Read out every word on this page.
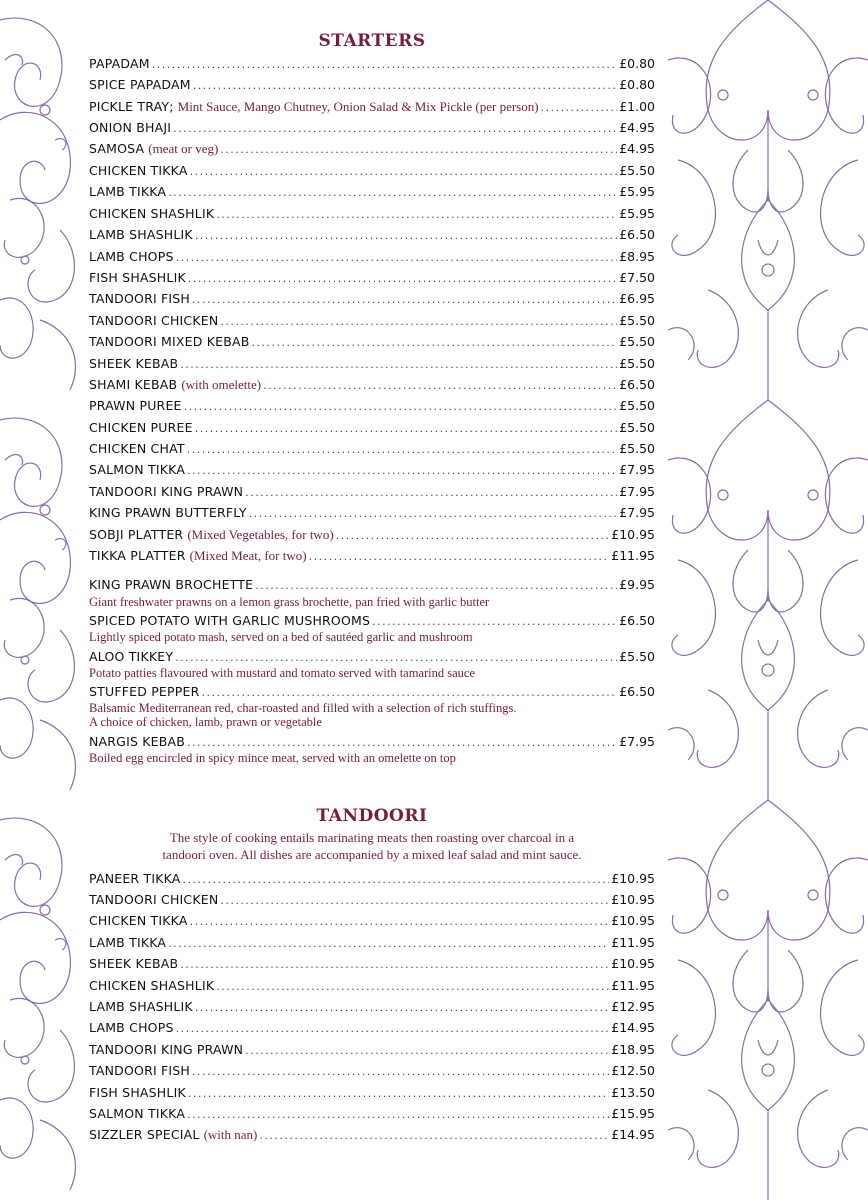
STARTERS
PAPADAM .....	£0.80
SPICE PAPADAM .....	£0.80
PICKLE TRAY; Mint Sauce, Mango Chutney, Onion Salad & Mix Pickle (per person) .....	£1.00
ONION BHAJI .....	£4.95
SAMOSA (meat or veg) .....	£4.95
CHICKEN TIKKA .....	£5.50
LAMB TIKKA .....	£5.95
CHICKEN SHASHLIK .....	£5.95
LAMB SHASHLIK .....	£6.50
LAMB CHOPS .....	£8.95
FISH SHASHLIK .....	£7.50
TANDOORI FISH .....	£6.95
TANDOORI CHICKEN .....	£5.50
TANDOORI MIXED KEBAB .....	£5.50
SHEEK KEBAB .....	£5.50
SHAMI KEBAB (with omelette) .....	£6.50
PRAWN PUREE .....	£5.50
CHICKEN PUREE .....	£5.50
CHICKEN CHAT .....	£5.50
SALMON TIKKA .....	£7.95
TANDOORI KING PRAWN .....	£7.95
KING PRAWN BUTTERFLY .....	£7.95
SOBJI PLATTER (Mixed Vegetables, for two) .....	£10.95
TIKKA PLATTER (Mixed Meat, for two) .....	£11.95
KING PRAWN BROCHETTE .....	£9.95
Giant freshwater prawns on a lemon grass brochette, pan fried with garlic butter
SPICED POTATO WITH GARLIC MUSHROOMS .....	£6.50
Lightly spiced potato mash, served on a bed of sautéed garlic and mushroom
ALOO TIKKEY .....	£5.50
Potato patties flavoured with mustard and tomato served with tamarind sauce
STUFFED PEPPER .....	£6.50
Balsamic Mediterranean red, char-roasted and filled with a selection of rich stuffings.
A choice of chicken, lamb, prawn or vegetable
NARGIS KEBAB .....	£7.95
Boiled egg encircled in spicy mince meat, served with an omelette on top
TANDOORI
The style of cooking entails marinating meats then roasting over charcoal in a
tandoori oven. All dishes are accompanied by a mixed leaf salad and mint sauce.
PANEER TIKKA .....	£10.95
TANDOORI CHICKEN .....	£10.95
CHICKEN TIKKA .....	£10.95
LAMB TIKKA .....	£11.95
SHEEK KEBAB .....	£10.95
CHICKEN SHASHLIK .....	£11.95
LAMB SHASHLIK .....	£12.95
LAMB CHOPS .....	£14.95
TANDOORI KING PRAWN .....	£18.95
TANDOORI FISH .....	£12.50
FISH SHASHLIK .....	£13.50
SALMON TIKKA .....	£15.95
SIZZLER SPECIAL (with nan) .....	£14.95
